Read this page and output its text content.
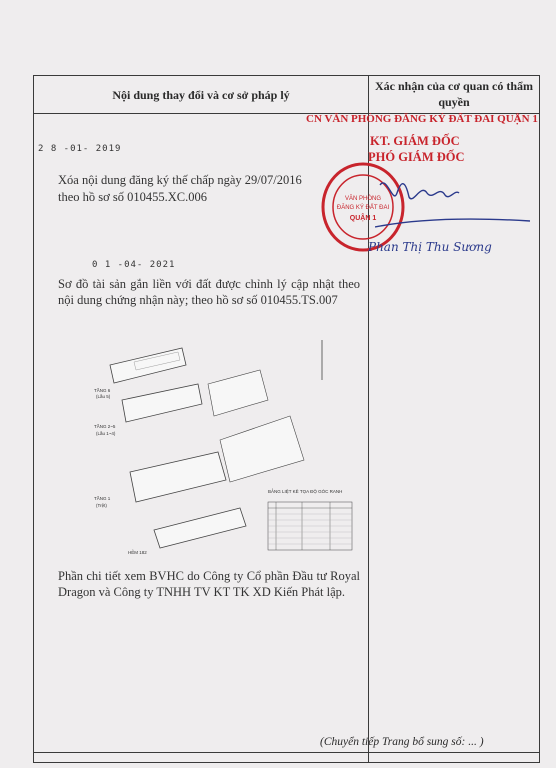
Nội dung thay đổi và cơ sở pháp lý
Xác nhận của cơ quan có thẩm quyền
2 8 -01- 2019
Xóa nội dung đăng ký thế chấp ngày 29/07/2016
theo hồ sơ số 010455.XC.006
CN VĂN PHÒNG ĐĂNG KÝ ĐẤT ĐAI QUẬN 1
KT. GIÁM ĐỐC
PHÓ GIÁM ĐỐC
VĂN PHÒNG
ĐĂNG KÝ ĐẤT ĐAI
QUẬN 1
Phan Thị Thu Sương
0 1 -04- 2021
Sơ đồ tài sản gắn liền với đất được chỉnh lý cập nhật theo nội dung chứng nhận này; theo hồ sơ số 010455.TS.007
TẦNG 6
(Lầu 5)
TẦNG 2~5
(Lầu 1~4)
TẦNG 1
(Trệt)
HẺM 182
BẢNG LIỆT KÊ TỌA ĐỘ GÓC RANH
Phần chi tiết xem BVHC do Công ty Cổ phần Đầu tư Royal Dragon và Công ty TNHH TV KT TK XD Kiến Phát lập.
(Chuyển tiếp Trang bổ sung số: ... )
